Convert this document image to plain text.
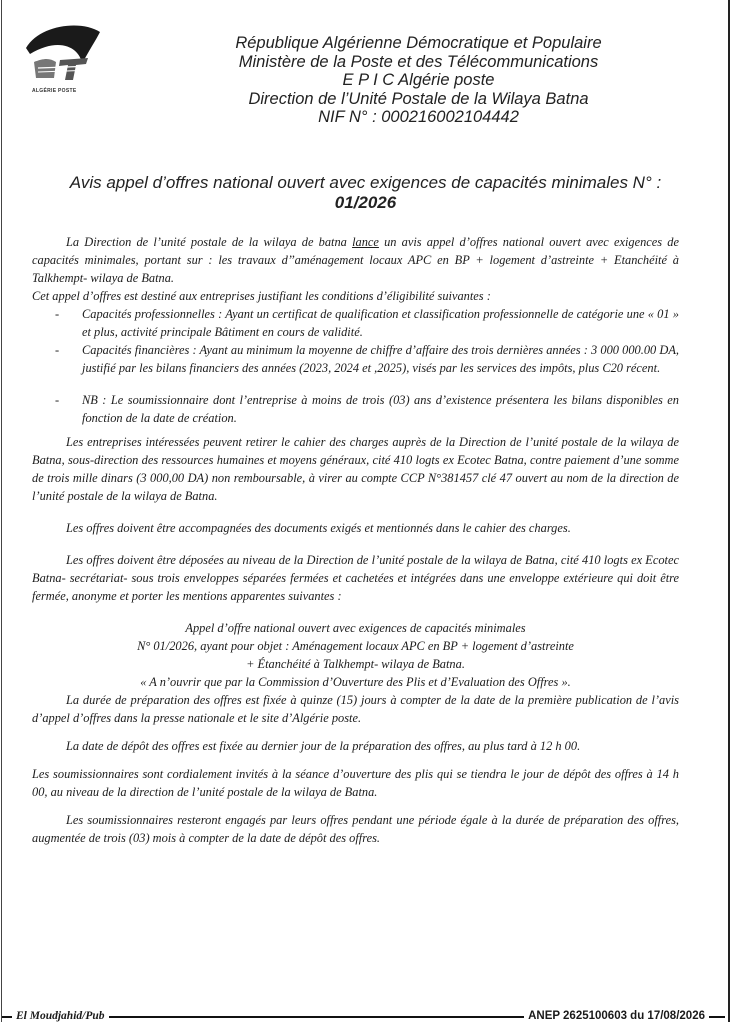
ALGÉRIE POSTE
République Algérienne Démocratique et Populaire
Ministère de la Poste et des Télécommunications
E P I C Algérie poste
Direction de l’Unité Postale de la Wilaya Batna
NIF N° : 000216002104442
Avis appel d’offres national ouvert avec exigences de capacités minimales N° :
01/2026

La Direction de l’unité postale de la wilaya de batna lance un avis appel d’offres national ouvert avec exigences de capacités minimales, portant sur : les travaux d’’aménagement locaux APC en BP + logement d’astreinte + Etanchéité à Talkhempt- wilaya de Batna.

Cet appel d’offres est destiné aux entreprises justifiant les conditions d’éligibilité suivantes :

- Capacités professionnelles : Ayant un certificat de qualification et classification professionnelle de catégorie une « 01 » et plus, activité principale Bâtiment en cours de validité.
- Capacités financières : Ayant au minimum la moyenne de chiffre d’affaire des trois dernières années : 3 000 000.00 DA, justifié par les bilans financiers des années (2023, 2024 et ,2025), visés par les services des impôts, plus C20 récent.
- NB : Le soumissionnaire dont l’entreprise à moins de trois (03) ans d’existence présentera les bilans disponibles en fonction de la date de création.

Les entreprises intéressées peuvent retirer le cahier des charges auprès de la Direction de l’unité postale de la wilaya de Batna, sous-direction des ressources humaines et moyens généraux, cité 410 logts ex Ecotec Batna, contre paiement d’une somme de trois mille dinars (3 000,00 DA) non remboursable, à virer au compte CCP N°381457 clé 47 ouvert au nom de la direction de l’unité postale de la wilaya de Batna.

Les offres doivent être accompagnées des documents exigés et mentionnés dans le cahier des charges.

Les offres doivent être déposées au niveau de la Direction de l’unité postale de la wilaya de Batna, cité 410 logts ex Ecotec Batna- secrétariat- sous trois enveloppes séparées fermées et cachetées et intégrées dans une enveloppe extérieure qui doit être fermée, anonyme et porter les mentions apparentes suivantes :

Appel d’offre national ouvert avec exigences de capacités minimales

N° 01/2026, ayant pour objet : Aménagement locaux APC en BP + logement d’astreinte

+ Étanchéité à Talkhempt- wilaya de Batna.

« A n’ouvrir que par la Commission d’Ouverture des Plis et d’Evaluation des Offres ».

La durée de préparation des offres est fixée à quinze (15) jours à compter de la date de la première publication de l’avis d’appel d’offres dans la presse nationale et le site d’Algérie poste.

La date de dépôt des offres est fixée au dernier jour de la préparation des offres, au plus tard à 12 h 00.

Les soumissionnaires sont cordialement invités à la séance d’ouverture des plis qui se tiendra le jour de dépôt des offres à 14 h 00, au niveau de la direction de l’unité postale de la wilaya de Batna.

Les soumissionnaires resteront engagés par leurs offres pendant une période égale à la durée de préparation des offres, augmentée de trois (03) mois à compter de la date de dépôt des offres.

El Moudjahid/Pub	ANEP 2625100603 du 17/08/2026
